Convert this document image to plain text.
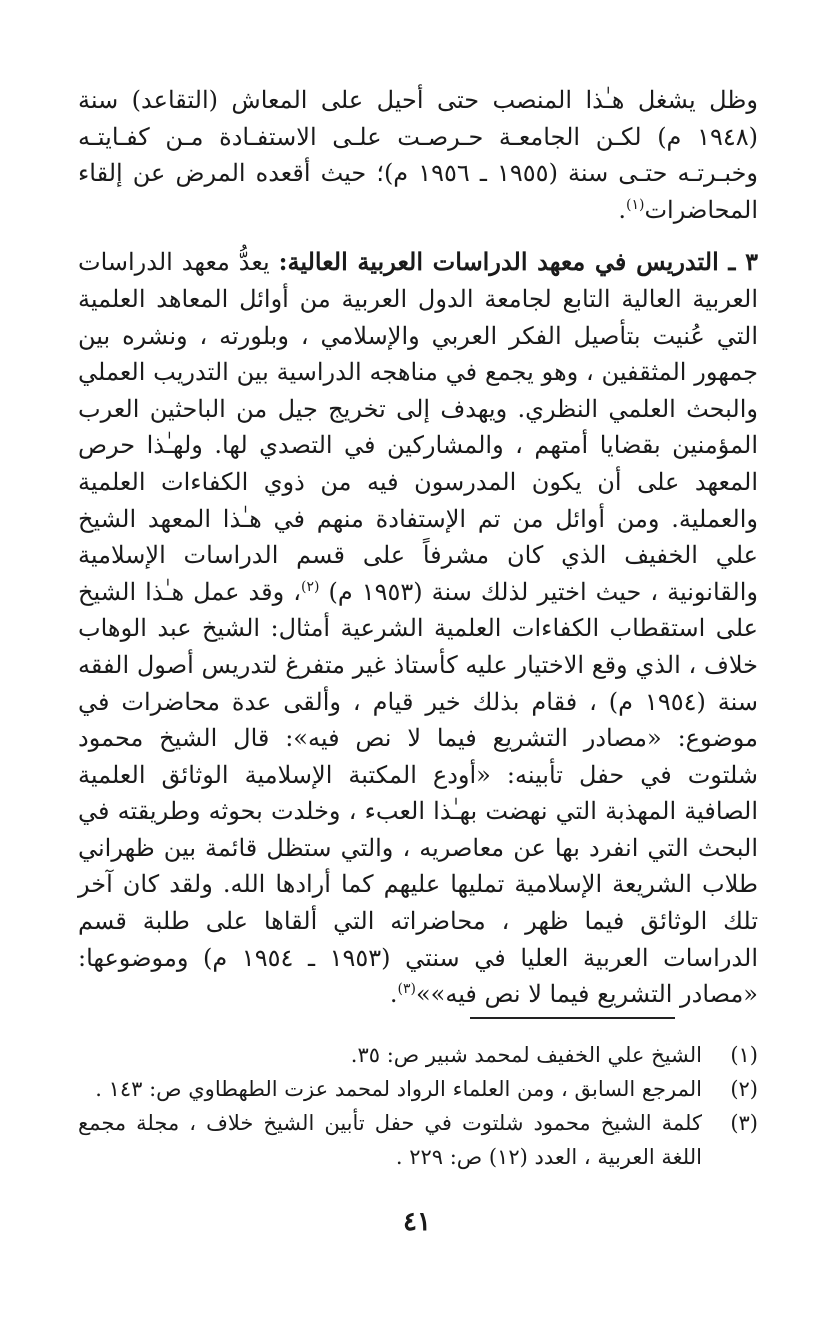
وظل يشغل هـٰذا المنصب حتى أحيل على المعاش (التقاعد) سنة (١٩٤٨ م) لكـن الجامعـة حـرصـت علـى الاستفـادة مـن كفـايتـه وخبـرتـه حتـى سنة (١٩٥٥ ـ ١٩٥٦ م)؛ حيث أقعده المرض عن إلقاء المحاضرات$^{(١)}$.

٣ ـ التدريس في معهد الدراسات العربية العالية: يعدُّ معهد الدراسات العربية العالية التابع لجامعة الدول العربية من أوائل المعاهد العلمية التي عُنيت بتأصيل الفكر العربي والإسلامي ، وبلورته ، ونشره بين جمهور المثقفين ، وهو يجمع في مناهجه الدراسية بين التدريب العملي والبحث العلمي النظري. ويهدف إلى تخريج جيل من الباحثين العرب المؤمنين بقضايا أمتهم ، والمشاركين في التصدي لها. ولهـٰذا حرص المعهد على أن يكون المدرسون فيه من ذوي الكفاءات العلمية والعملية. ومن أوائل من تم الإستفادة منهم في هـٰذا المعهد الشيخ علي الخفيف الذي كان مشرفاً على قسم الدراسات الإسلامية والقانونية ، حيث اختير لذلك سنة (١٩٥٣ م) $^{(٢)}$، وقد عمل هـٰذا الشيخ على استقطاب الكفاءات العلمية الشرعية أمثال: الشيخ عبد الوهاب خلاف ، الذي وقع الاختيار عليه كأستاذ غير متفرغ لتدريس أصول الفقه سنة (١٩٥٤ م) ، فقام بذلك خير قيام ، وألقى عدة محاضرات في موضوع: «مصادر التشريع فيما لا نص فيه»: قال الشيخ محمود شلتوت في حفل تأبينه: «أودع المكتبة الإسلامية الوثائق العلمية الصافية المهذبة التي نهضت بهـٰذا العبء ، وخلدت بحوثه وطريقته في البحث التي انفرد بها عن معاصريه ، والتي ستظل قائمة بين ظهراني طلاب الشريعة الإسلامية تمليها عليهم كما أرادها الله. ولقد كان آخر تلك الوثائق فيما ظهر ، محاضراته التي ألقاها على طلبة قسم الدراسات العربية العليا في سنتي (١٩٥٣ ـ ١٩٥٤ م) وموضوعها: «مصادر التشريع فيما لا نص فيه»»$^{(٣)}$.

(١)
الشيخ علي الخفيف لمحمد شبير ص: ٣٥.
(٢)
المرجع السابق ، ومن العلماء الرواد لمحمد عزت الطهطاوي ص: ١٤٣ .
(٣)
كلمة الشيخ محمود شلتوت في حفل تأبين الشيخ خلاف ، مجلة مجمع اللغة العربية ، العدد (١٢) ص: ٢٢٩ .
٤١
